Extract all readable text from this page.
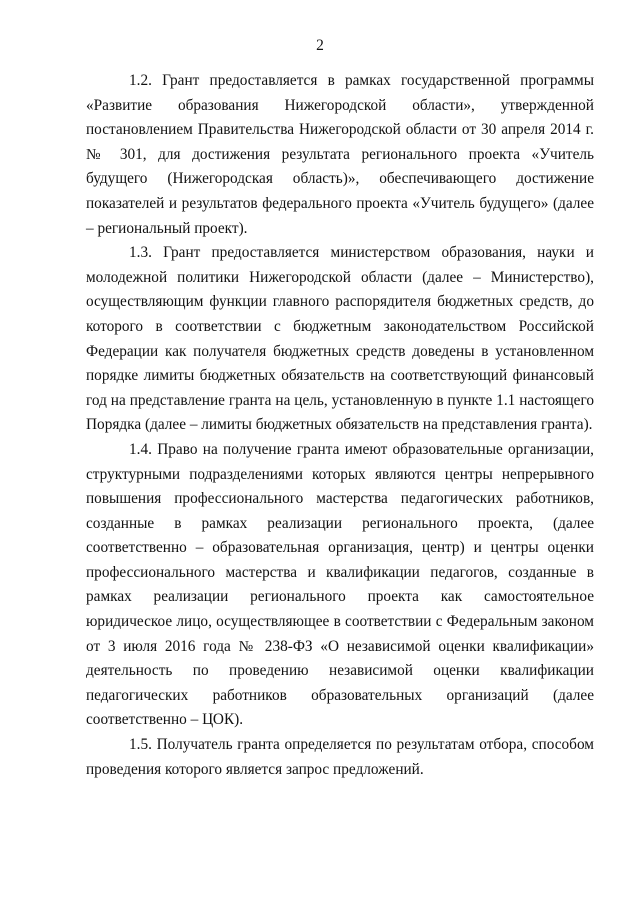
2

1.2. Грант предоставляется в рамках государственной программы «Развитие образования Нижегородской области», утвержденной постановлением Правительства Нижегородской области от 30 апреля 2014 г. № 301, для достижения результата регионального проекта «Учитель будущего (Нижегородская область)», обеспечивающего достижение показателей и результатов федерального проекта «Учитель будущего» (далее – региональный проект).

1.3. Грант предоставляется министерством образования, науки и молодежной политики Нижегородской области (далее – Министерство), осуществляющим функции главного распорядителя бюджетных средств, до которого в соответствии с бюджетным законодательством Российской Федерации как получателя бюджетных средств доведены в установленном порядке лимиты бюджетных обязательств на соответствующий финансовый год на представление гранта на цель, установленную в пункте 1.1 настоящего Порядка (далее – лимиты бюджетных обязательств на представления гранта).

1.4. Право на получение гранта имеют образовательные организации, структурными подразделениями которых являются центры непрерывного повышения профессионального мастерства педагогических работников, созданные в рамках реализации регионального проекта, (далее соответственно – образовательная организация, центр) и центры оценки профессионального мастерства и квалификации педагогов, созданные в рамках реализации регионального проекта как самостоятельное юридическое лицо, осуществляющее в соответствии с Федеральным законом от 3 июля 2016 года № 238-ФЗ «О независимой оценки квалификации» деятельность по проведению независимой оценки квалификации педагогических работников образовательных организаций (далее соответственно – ЦОК).

1.5. Получатель гранта определяется по результатам отбора, способом проведения которого является запрос предложений.
